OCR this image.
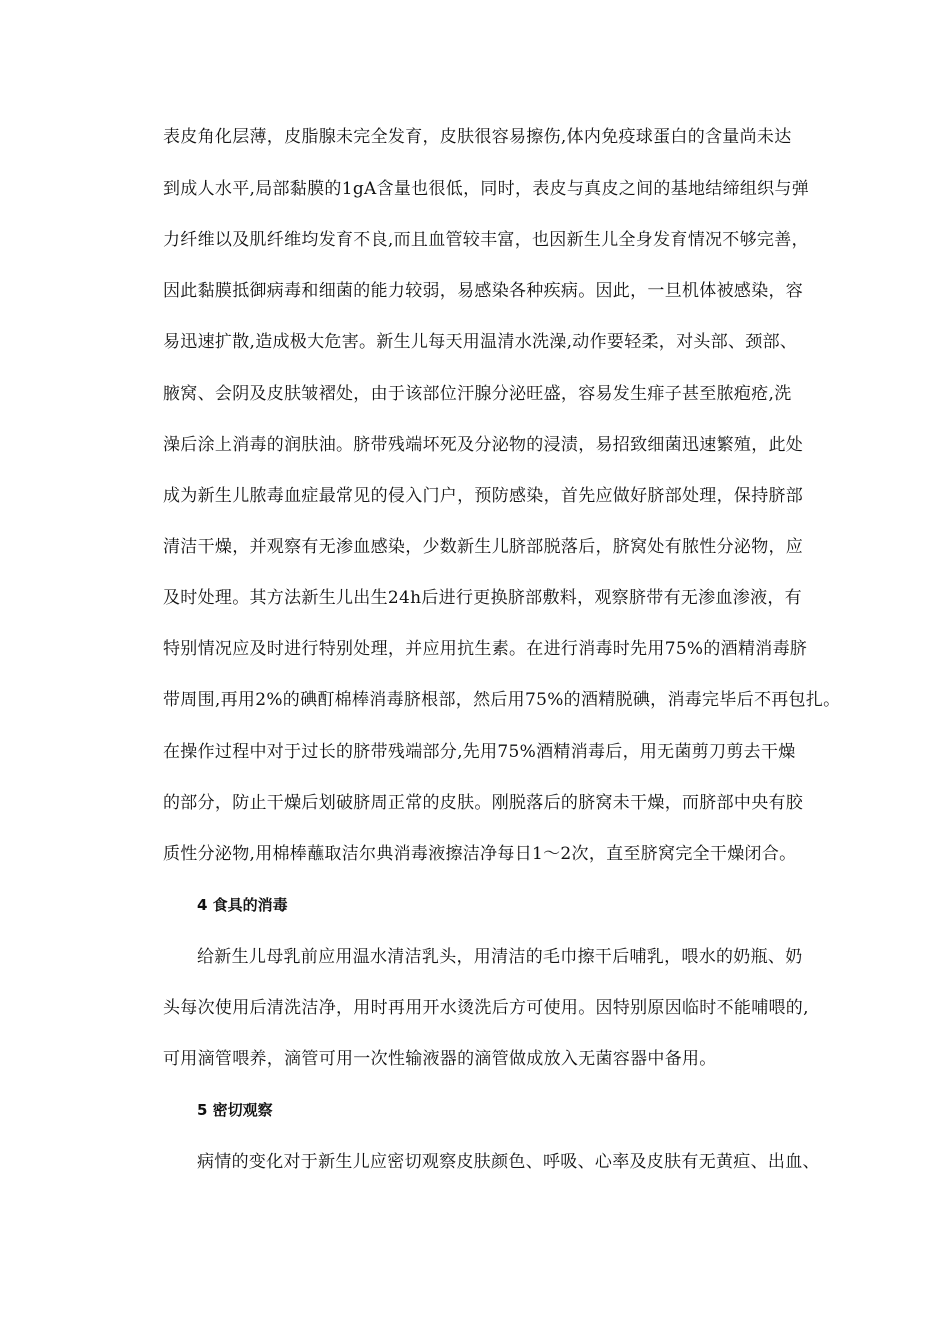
表皮角化层薄，皮脂腺未完全发育，皮肤很容易擦伤,体内免疫球蛋白的含量尚未达
到成人水平,局部黏膜的1gA含量也很低，同时，表皮与真皮之间的基地结缔组织与弹
力纤维以及肌纤维均发育不良,而且血管较丰富，也因新生儿全身发育情况不够完善，
因此黏膜抵御病毒和细菌的能力较弱，易感染各种疾病。因此，一旦机体被感染，容
易迅速扩散,造成极大危害。新生儿每天用温清水洗澡,动作要轻柔，对头部、颈部、
腋窝、会阴及皮肤皱褶处，由于该部位汗腺分泌旺盛，容易发生痱子甚至脓疱疮,洗
澡后涂上消毒的润肤油。脐带残端坏死及分泌物的浸渍，易招致细菌迅速繁殖，此处
成为新生儿脓毒血症最常见的侵入门户，预防感染，首先应做好脐部处理，保持脐部
清洁干燥，并观察有无渗血感染，少数新生儿脐部脱落后，脐窝处有脓性分泌物，应
及时处理。其方法新生儿出生24h后进行更换脐部敷料，观察脐带有无渗血渗液，有
特别情况应及时进行特别处理，并应用抗生素。在进行消毒时先用75%的酒精消毒脐
带周围,再用2%的碘酊棉棒消毒脐根部，然后用75%的酒精脱碘，消毒完毕后不再包扎。
在操作过程中对于过长的脐带残端部分,先用75%酒精消毒后，用无菌剪刀剪去干燥
的部分，防止干燥后划破脐周正常的皮肤。刚脱落后的脐窝未干燥，而脐部中央有胶
质性分泌物,用棉棒蘸取洁尔典消毒液擦洁净每日1～2次，直至脐窝完全干燥闭合。
4 食具的消毒
给新生儿母乳前应用温水清洁乳头，用清洁的毛巾擦干后哺乳，喂水的奶瓶、奶
头每次使用后清洗洁净，用时再用开水烫洗后方可使用。因特别原因临时不能哺喂的,
可用滴管喂养，滴管可用一次性输液器的滴管做成放入无菌容器中备用。
5 密切观察
病情的变化对于新生儿应密切观察皮肤颜色、呼吸、心率及皮肤有无黄疸、出血、
